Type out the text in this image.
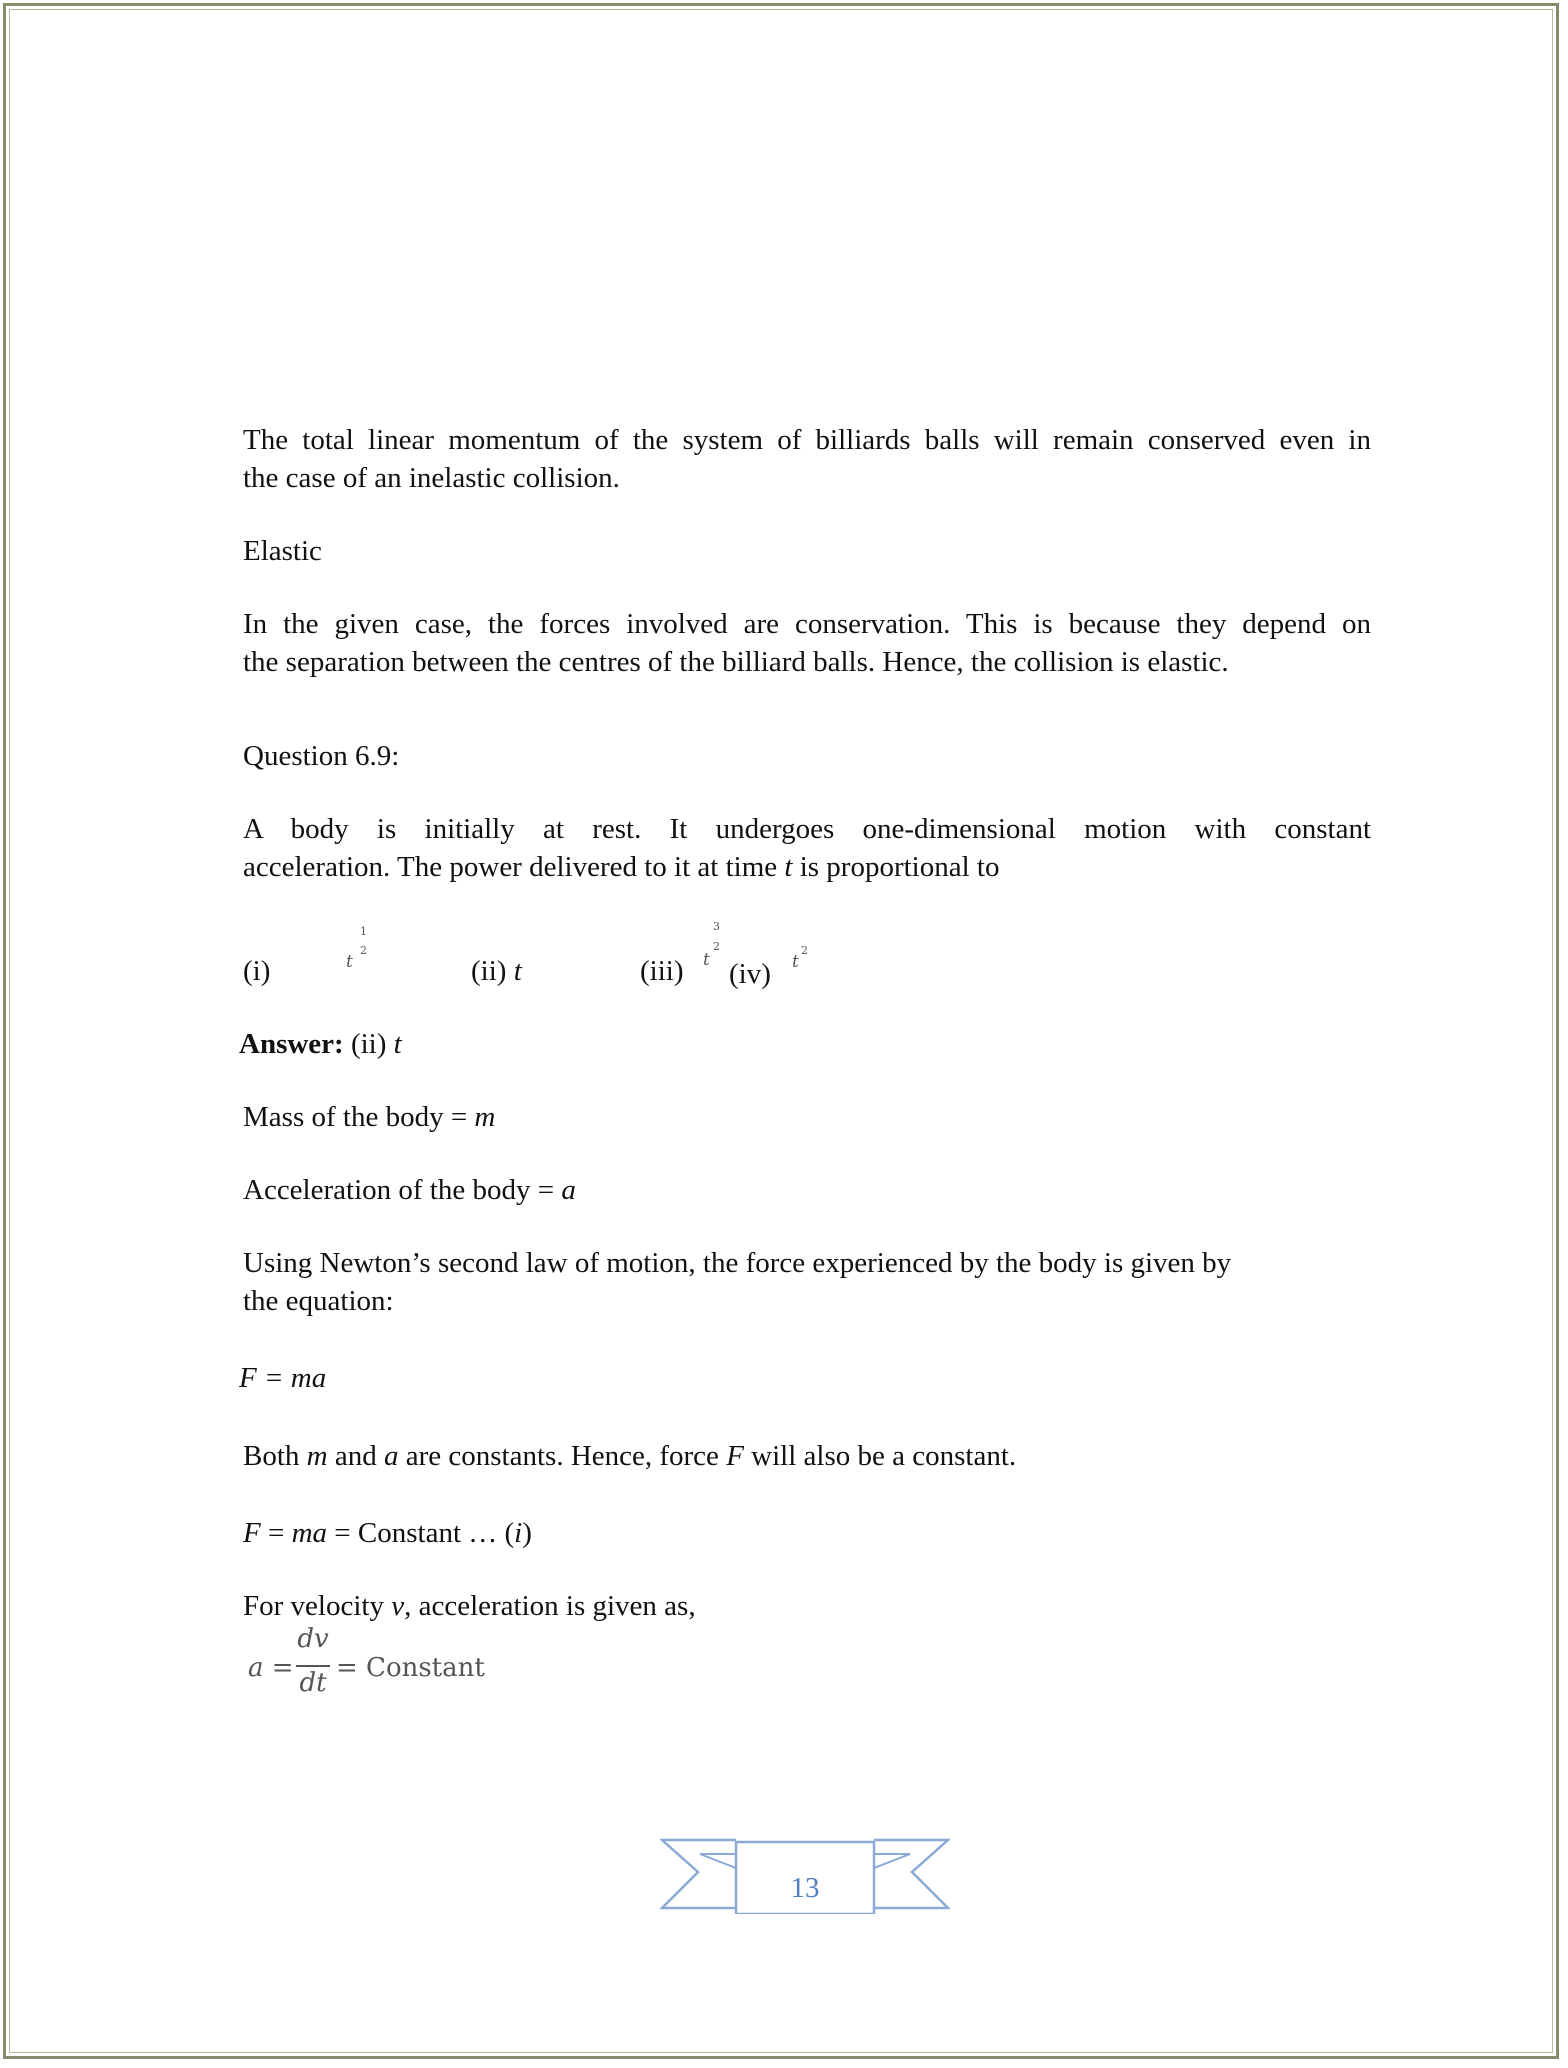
The total linear momentum of the system of billiards balls will remain conserved even in
the case of an inelastic collision.
Elastic
In the given case, the forces involved are conservation. This is because they depend on
the separation between the centres of the billiard balls. Hence, the collision is elastic.
Question 6.9:
A body is initially at rest. It undergoes one-dimensional motion with constant
acceleration. The power delivered to it at time t is proportional to
(i)	t
1
2
(ii) t	(iii) t
3
2
(iv) t
2
Answer: (ii) t
Mass of the body = m
Acceleration of the body = a
Using Newton’s second law of motion, the force experienced by the body is given by
the equation:
F = ma
Both m and a are constants. Hence, force F will also be a constant.
F = ma = Constant … (i)
For velocity v, acceleration is given as,
a =
dv
dt = Constant
13
